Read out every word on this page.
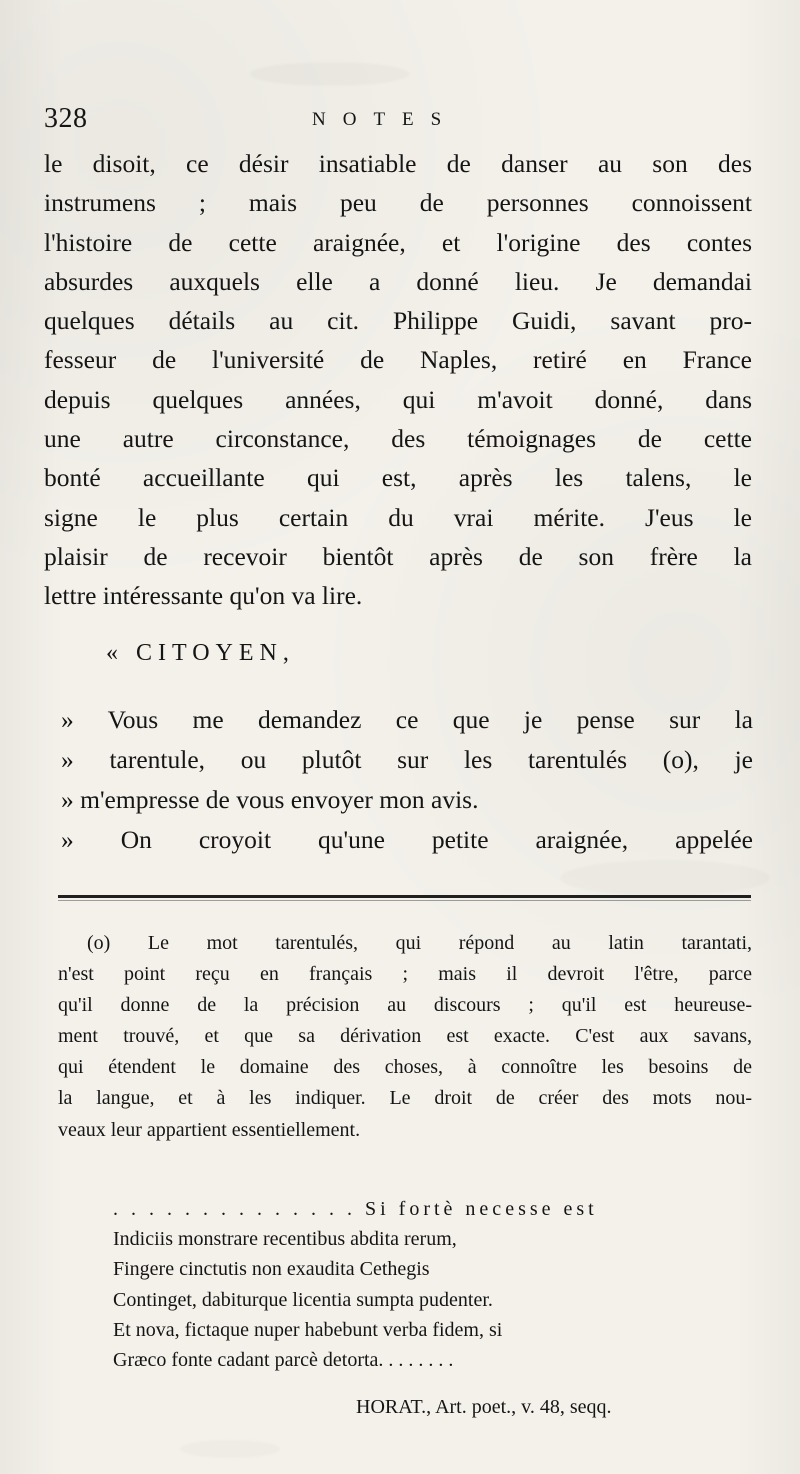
328	NOTES
le disoit, ce désir insatiable de danser au son des
instrumens ; mais peu de personnes connoissent
l'histoire de cette araignée, et l'origine des contes
absurdes auxquels elle a donné lieu. Je demandai
quelques détails au cit. Philippe Guidi, savant pro-
fesseur de l'université de Naples, retiré en France
depuis quelques années, qui m'avoit donné, dans
une autre circonstance, des témoignages de cette
bonté accueillante qui est, après les talens, le
signe le plus certain du vrai mérite. J'eus le
plaisir de recevoir bientôt après de son frère la
lettre intéressante qu'on va lire.
« CITOYEN,
» Vous me demandez ce que je pense sur la
» tarentule, ou plutôt sur les tarentulés (o), je
» m'empresse de vous envoyer mon avis.
» On croyoit qu'une petite araignée, appelée
(o) Le mot tarentulés, qui répond au latin tarantati,
n'est point reçu en français ; mais il devroit l'être, parce
qu'il donne de la précision au discours ; qu'il est heureuse-
ment trouvé, et que sa dérivation est exacte. C'est aux savans,
qui étendent le domaine des choses, à connoître les besoins de
la langue, et à les indiquer. Le droit de créer des mots nou-
veaux leur appartient essentiellement.
. . . . . . . . . . . . . . Si fortè necesse est
Indiciis monstrare recentibus abdita rerum,
Fingere cinctutis non exaudita Cethegis
Continget, dabiturque licentia sumpta pudenter.
Et nova, fictaque nuper habebunt verba fidem, si
Græco fonte cadant parcè detorta. . . . . . . .
HORAT., Art. poet., v. 48, seqq.
